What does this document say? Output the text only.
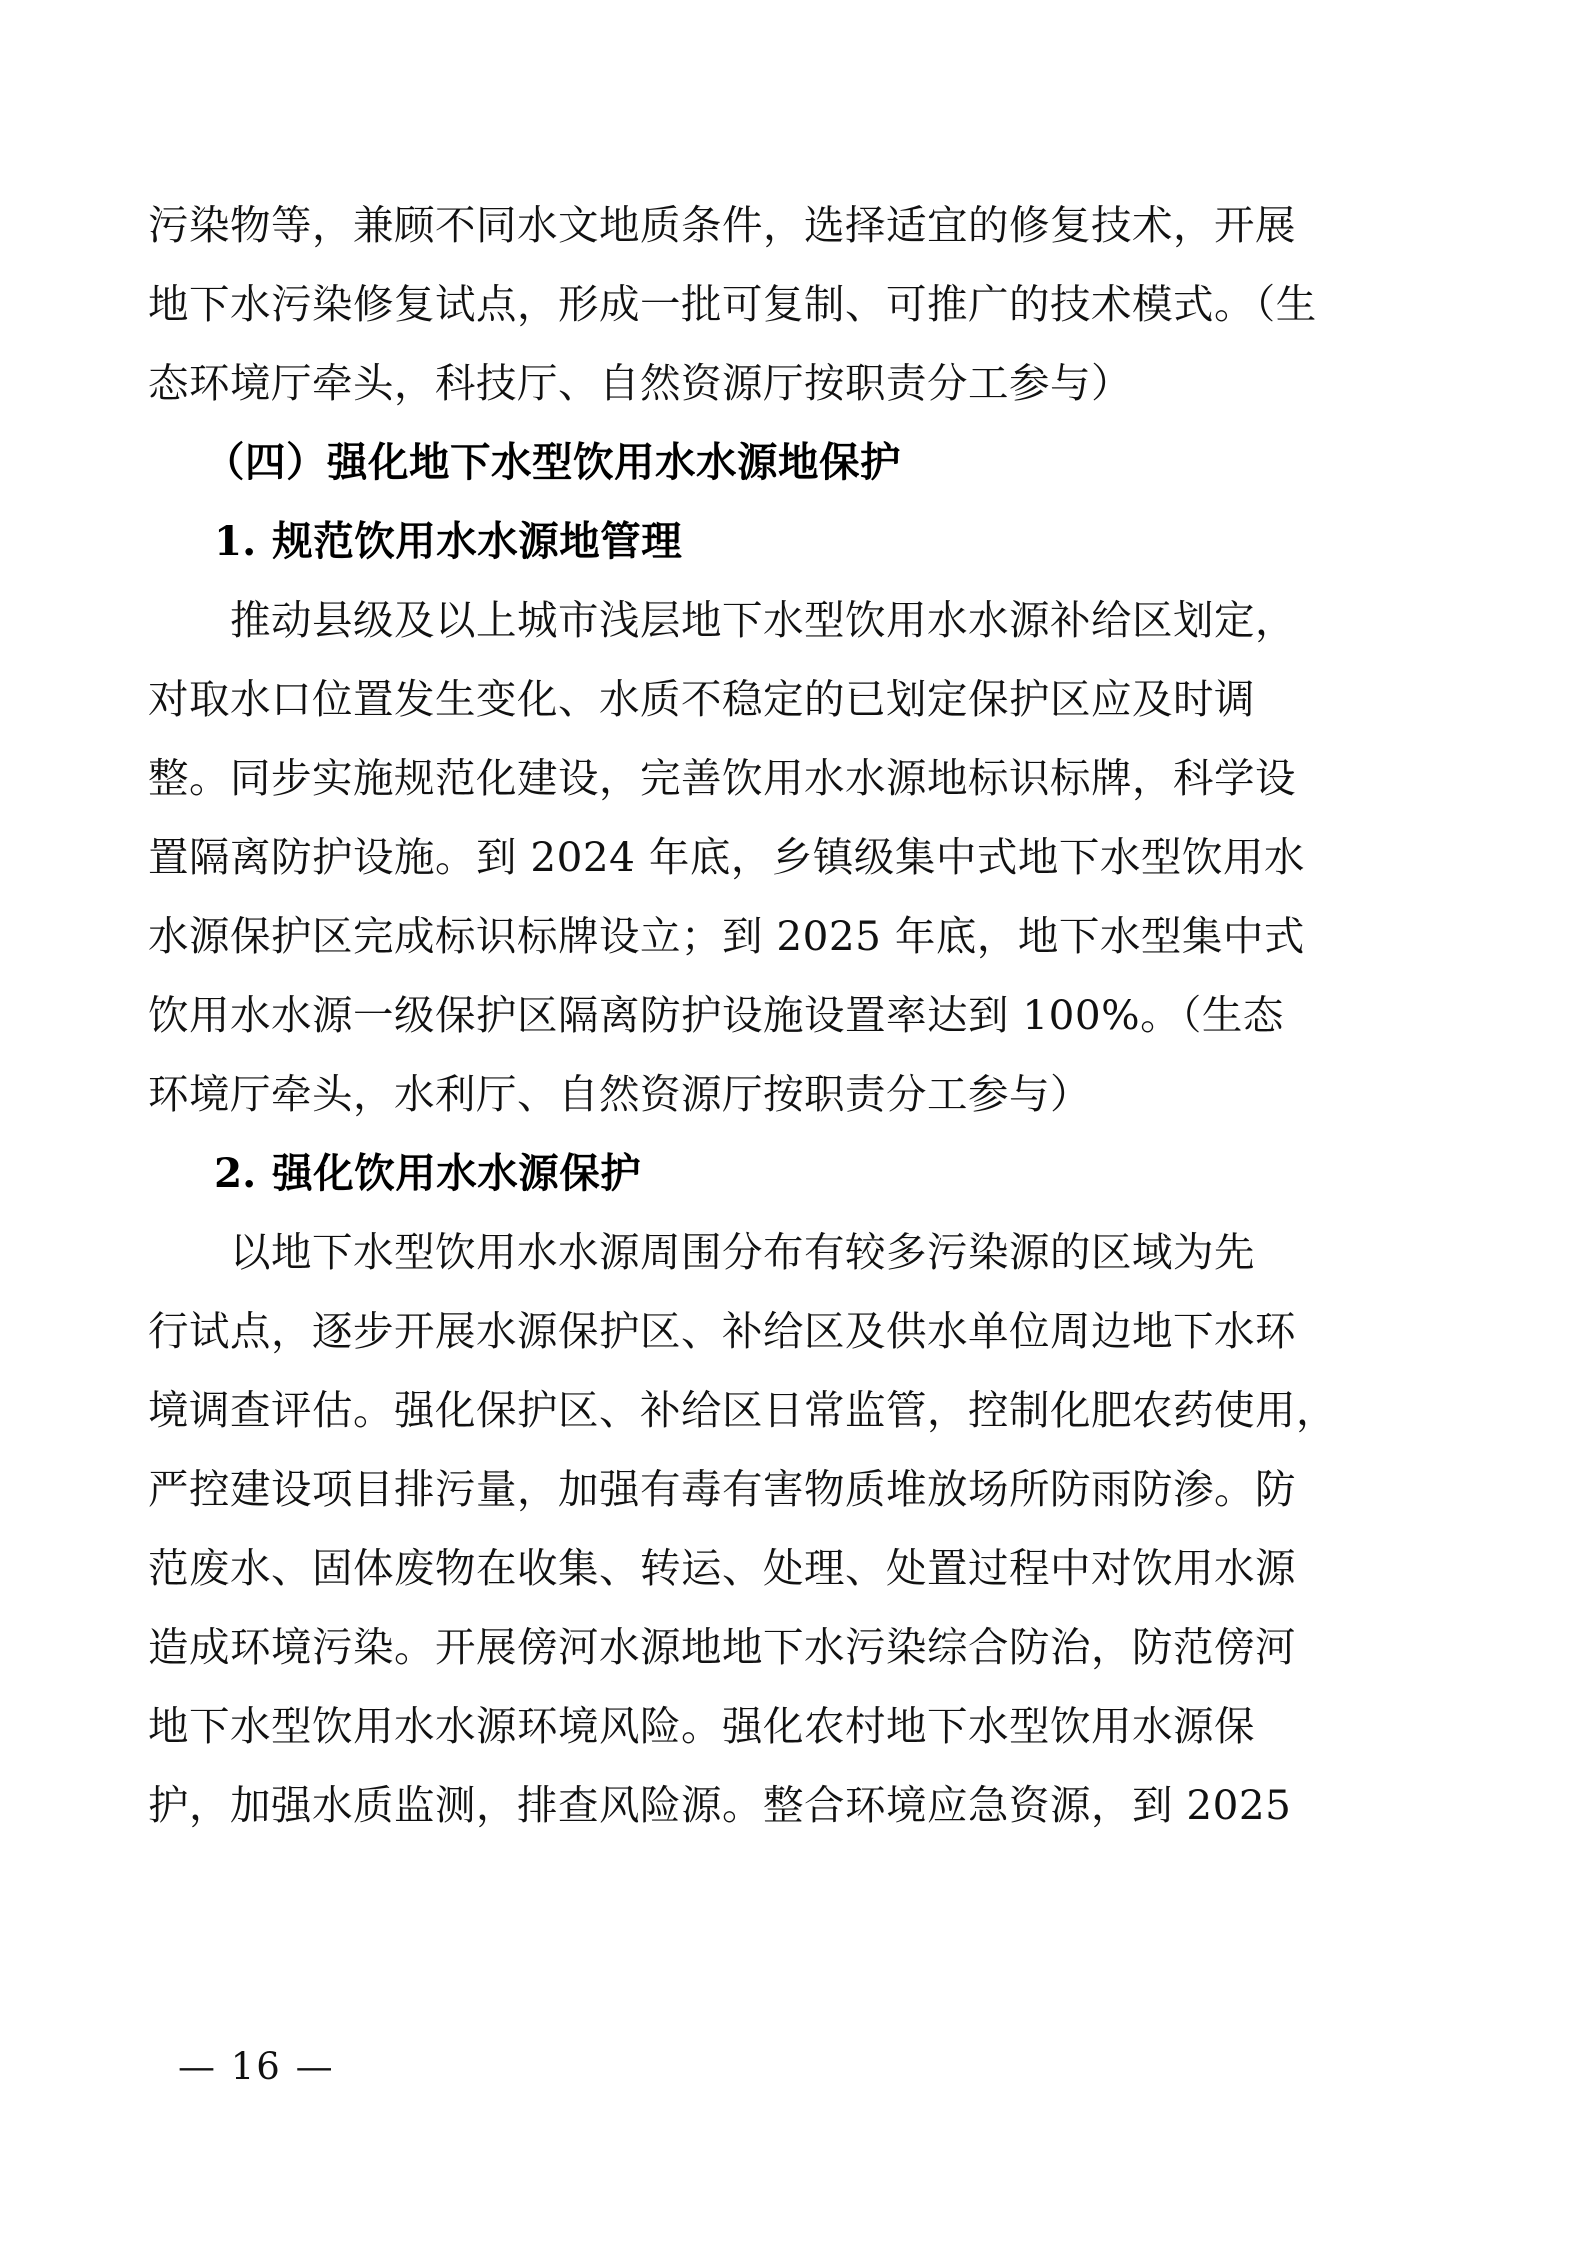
污染物等，兼顾不同水文地质条件，选择适宜的修复技术，开展
地下水污染修复试点，形成一批可复制、可推广的技术模式。（生
态环境厅牵头，科技厅、自然资源厅按职责分工参与）

（四）强化地下水型饮用水水源地保护

1. 规范饮用水水源地管理

推动县级及以上城市浅层地下水型饮用水水源补给区划定，
对取水口位置发生变化、水质不稳定的已划定保护区应及时调
整。同步实施规范化建设，完善饮用水水源地标识标牌，科学设
置隔离防护设施。到 2024 年底，乡镇级集中式地下水型饮用水
水源保护区完成标识标牌设立；到 2025 年底，地下水型集中式
饮用水水源一级保护区隔离防护设施设置率达到 100%。（生态
环境厅牵头，水利厅、自然资源厅按职责分工参与）

2. 强化饮用水水源保护

以地下水型饮用水水源周围分布有较多污染源的区域为先
行试点，逐步开展水源保护区、补给区及供水单位周边地下水环
境调查评估。强化保护区、补给区日常监管，控制化肥农药使用，
严控建设项目排污量，加强有毒有害物质堆放场所防雨防渗。防
范废水、固体废物在收集、转运、处理、处置过程中对饮用水源
造成环境污染。开展傍河水源地地下水污染综合防治，防范傍河
地下水型饮用水水源环境风险。强化农村地下水型饮用水源保
护，加强水质监测，排查风险源。整合环境应急资源，到 2025

— 16 —
